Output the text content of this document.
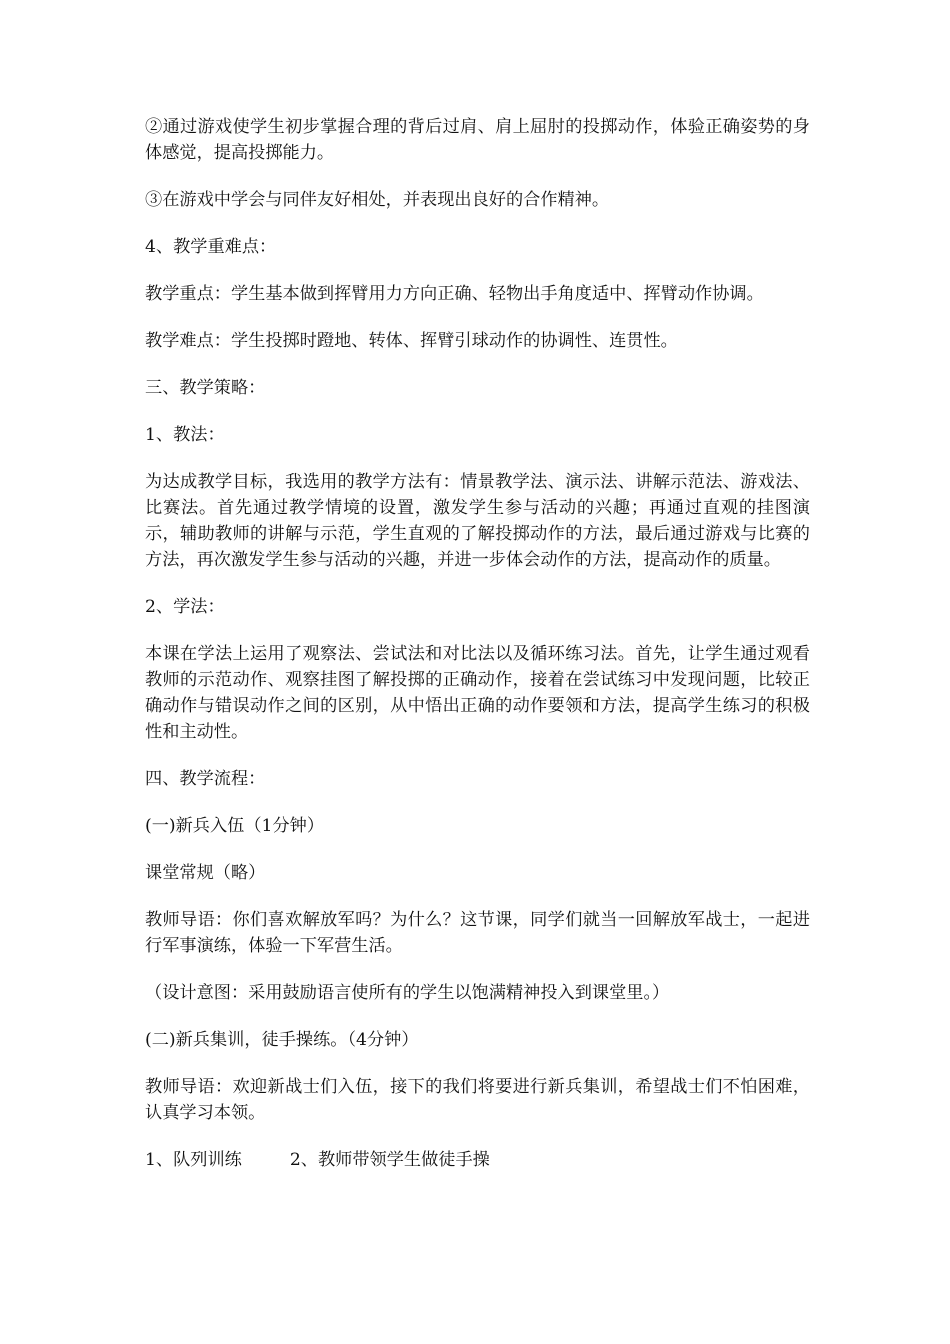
②通过游戏使学生初步掌握合理的背后过肩、肩上屈肘的投掷动作，体验正确姿势的身体感觉，提高投掷能力。

③在游戏中学会与同伴友好相处，并表现出良好的合作精神。

4、教学重难点：

教学重点：学生基本做到挥臂用力方向正确、轻物出手角度适中、挥臂动作协调。

教学难点：学生投掷时蹬地、转体、挥臂引球动作的协调性、连贯性。

三、教学策略：

1、教法：

为达成教学目标，我选用的教学方法有：情景教学法、演示法、讲解示范法、游戏法、比赛法。首先通过教学情境的设置，激发学生参与活动的兴趣；再通过直观的挂图演示，辅助教师的讲解与示范，学生直观的了解投掷动作的方法，最后通过游戏与比赛的方法，再次激发学生参与活动的兴趣，并进一步体会动作的方法，提高动作的质量。

2、学法：

本课在学法上运用了观察法、尝试法和对比法以及循环练习法。首先，让学生通过观看教师的示范动作、观察挂图了解投掷的正确动作，接着在尝试练习中发现问题，比较正确动作与错误动作之间的区别，从中悟出正确的动作要领和方法，提高学生练习的积极性和主动性。

四、教学流程：

(一)新兵入伍（1分钟）

课堂常规（略）

教师导语：你们喜欢解放军吗？为什么？这节课，同学们就当一回解放军战士，一起进行军事演练，体验一下军营生活。

（设计意图：采用鼓励语言使所有的学生以饱满精神投入到课堂里。）

(二)新兵集训，徒手操练。（4分钟）

教师导语：欢迎新战士们入伍，接下的我们将要进行新兵集训，希望战士们不怕困难，认真学习本领。

1、队列训练	2、教师带领学生做徒手操
